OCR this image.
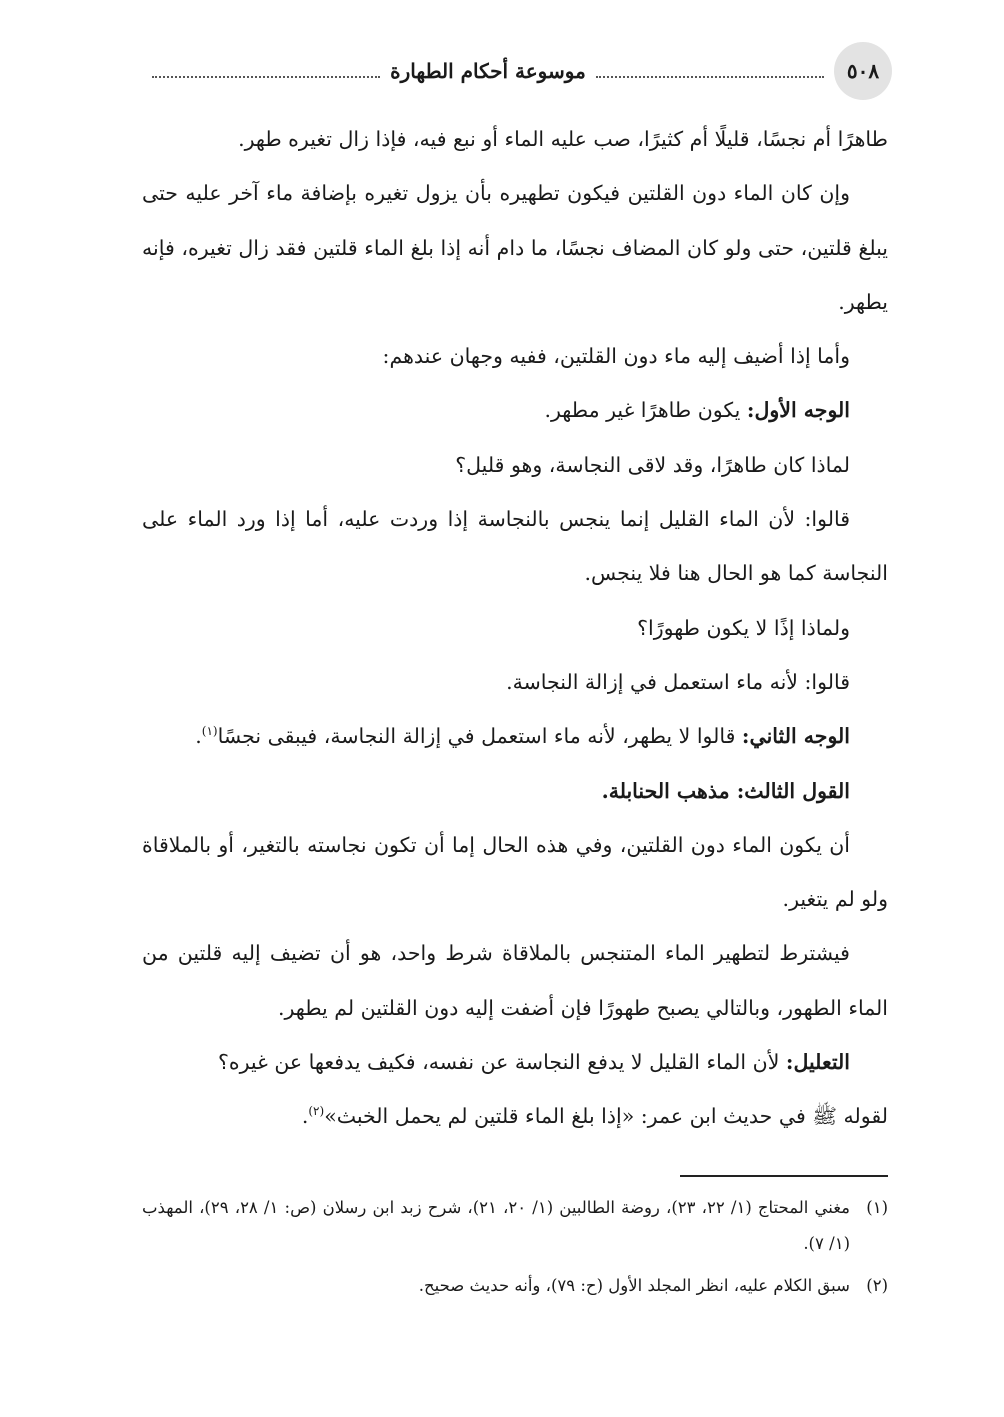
٥٠٨
موسوعة أحكام الطهارة

طاهرًا أم نجسًا، قليلًا أم كثيرًا، صب عليه الماء أو نبع فيه، فإذا زال تغيره طهر.

وإن كان الماء دون القلتين فيكون تطهيره بأن يزول تغيره بإضافة ماء آخر عليه حتى يبلغ قلتين، حتى ولو كان المضاف نجسًا، ما دام أنه إذا بلغ الماء قلتين فقد زال تغيره، فإنه يطهر.

وأما إذا أضيف إليه ماء دون القلتين، ففيه وجهان عندهم:

الوجه الأول: يكون طاهرًا غير مطهر.

لماذا كان طاهرًا، وقد لاقى النجاسة، وهو قليل؟

قالوا: لأن الماء القليل إنما ينجس بالنجاسة إذا وردت عليه، أما إذا ورد الماء على النجاسة كما هو الحال هنا فلا ينجس.

ولماذا إذًا لا يكون طهورًا؟

قالوا: لأنه ماء استعمل في إزالة النجاسة.

الوجه الثاني: قالوا لا يطهر، لأنه ماء استعمل في إزالة النجاسة، فيبقى نجسًا$^{(١)}$.

القول الثالث: مذهب الحنابلة.

أن يكون الماء دون القلتين، وفي هذه الحال إما أن تكون نجاسته بالتغير، أو بالملاقاة ولو لم يتغير.

فيشترط لتطهير الماء المتنجس بالملاقاة شرط واحد، هو أن تضيف إليه قلتين من الماء الطهور، وبالتالي يصبح طهورًا فإن أضفت إليه دون القلتين لم يطهر.

التعليل: لأن الماء القليل لا يدفع النجاسة عن نفسه، فكيف يدفعها عن غيره؟

لقوله ﷺ في حديث ابن عمر: «إذا بلغ الماء قلتين لم يحمل الخبث»$^{(٢)}$.

(١)
مغني المحتاج (١/ ٢٢، ٢٣)، روضة الطالبين (١/ ٢٠، ٢١)، شرح زبد ابن رسلان (ص: ١/ ٢٨، ٢٩)، المهذب (١/ ٧).
(٢)
سبق الكلام عليه، انظر المجلد الأول (ح: ٧٩)، وأنه حديث صحيح.
